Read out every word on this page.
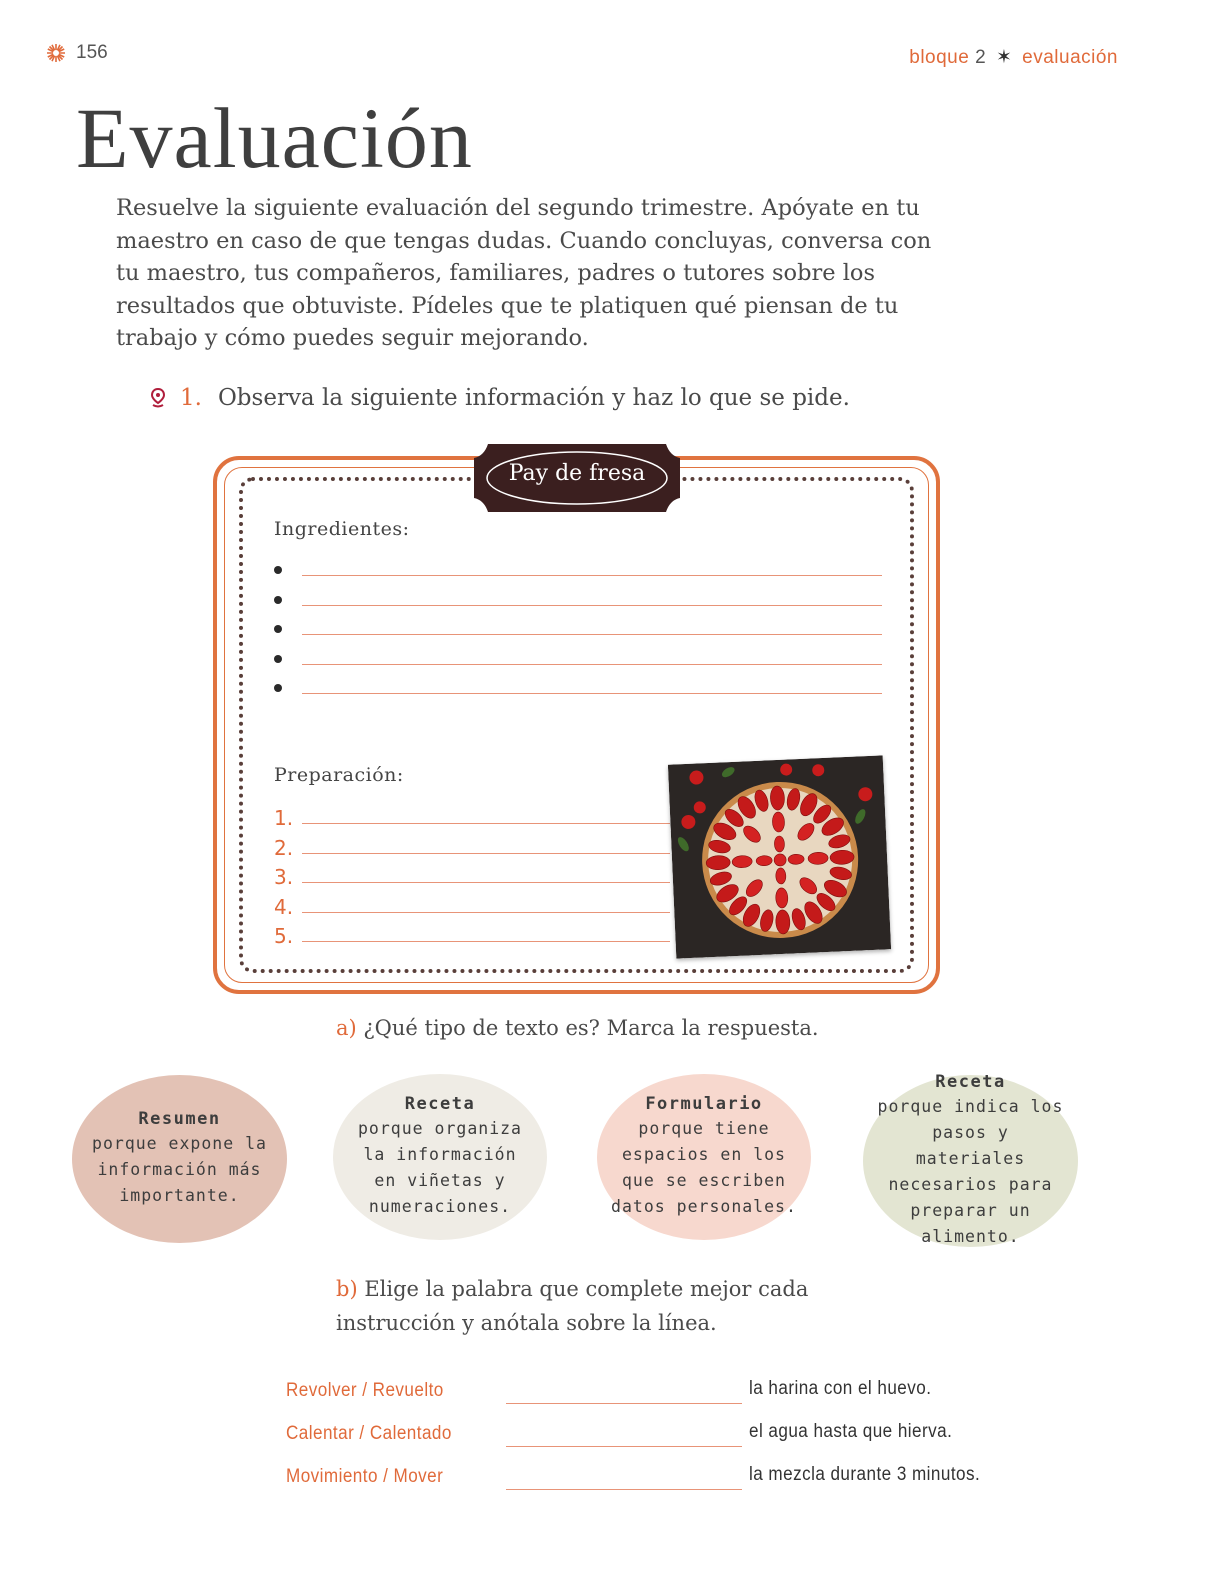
156	bloque 2 ✶ evaluación
Evaluación

Resuelve la siguiente evaluación del segundo trimestre. Apóyate en tu maestro en caso de que tengas dudas. Cuando concluyas, conversa con tu maestro, tus compañeros, familiares, padres o tutores sobre los resultados que obtuviste. Pídeles que te platiquen qué piensan de tu trabajo y cómo puedes seguir mejorando.

1. Observa la siguiente información y haz lo que se pide.
Pay de fresa
Ingredientes:
Preparación:
1.
2.
3.
4.
5.
a) ¿Qué tipo de texto es? Marca la respuesta.
Resumen
porque expone la información más importante.
Receta
porque organiza la información en viñetas y numeraciones.
Formulario
porque tiene espacios en los que se escriben datos personales.
Receta
porque indica los pasos y materiales necesarios para preparar un alimento.
b) Elige la palabra que complete mejor cada instrucción y anótala sobre la línea.
Revolver / Revuelto	la harina con el huevo.
Calentar / Calentado	el agua hasta que hierva.
Movimiento / Mover	la mezcla durante 3 minutos.
